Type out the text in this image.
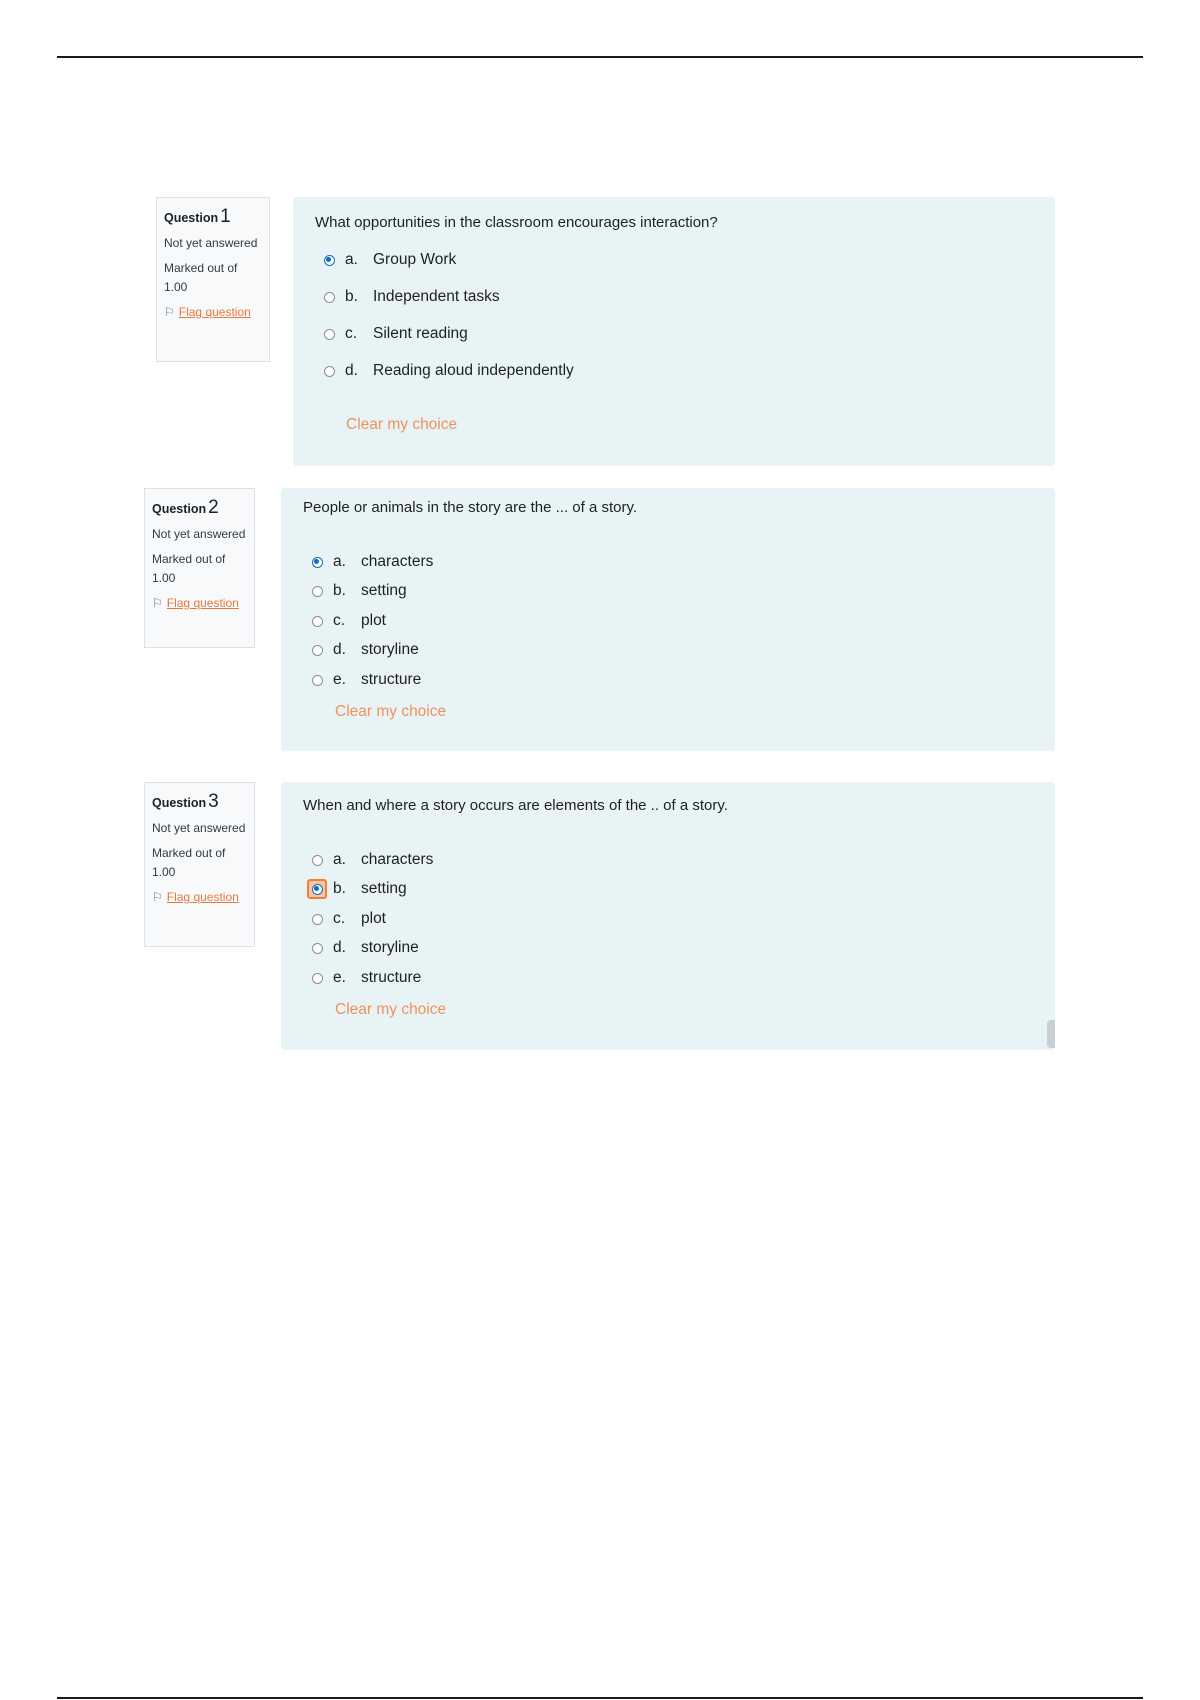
Question 1
Not yet answered
Marked out of 1.00
⚐ Flag question
What opportunities in the classroom encourages interaction?
a. Group Work
b. Independent tasks
c.	Silent reading
d. Reading aloud independently
Clear my choice
Question 2
Not yet answered
Marked out of 1.00
⚐ Flag question
People or animals in the story are the ... of a story.
a. characters
b. setting
c.	plot
d. storyline
e. structure
Clear my choice
Question 3
Not yet answered
Marked out of 1.00
⚐ Flag question
When and where a story occurs are elements of the .. of a story.
a. characters
b. setting
c.	plot
d. storyline
e. structure
Clear my choice
